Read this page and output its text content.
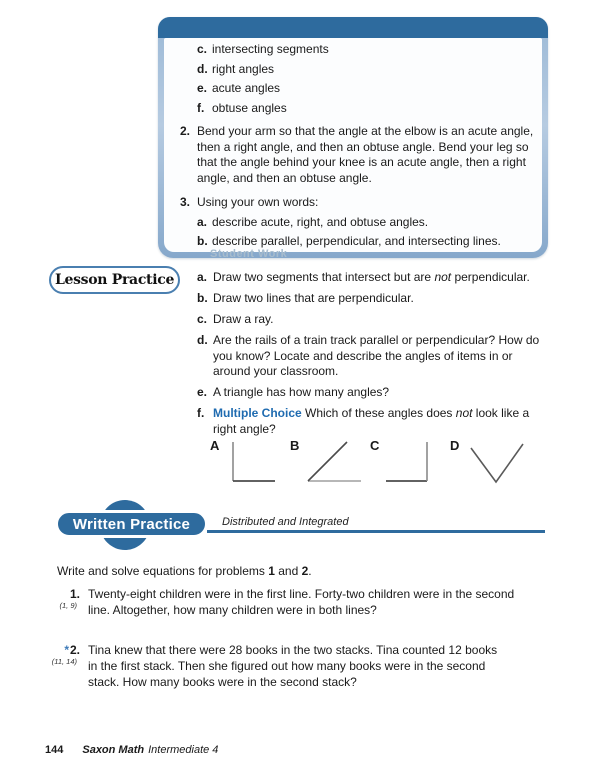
c. intersecting segments
d. right angles
e. acute angles
f. obtuse angles
2. Bend your arm so that the angle at the elbow is an acute angle, then a right angle, and then an obtuse angle. Bend your leg so that the angle behind your knee is an acute angle, then a right angle, and then an obtuse angle.
3. Using your own words:
a. describe acute, right, and obtuse angles.
b. describe parallel, perpendicular, and intersecting lines.
Student Work
Lesson Practice a. Draw two segments that intersect but are not perpendicular.
b. Draw two lines that are perpendicular.
c. Draw a ray.
d. Are the rails of a train track parallel or perpendicular? How do you know? Locate and describe the angles of items in or around your classroom.
e. A triangle has how many angles?
f. Multiple Choice Which of these angles does not look like a right angle?
A	B	C	D
Written Practice	Distributed and Integrated

Write and solve equations for problems 1 and 2.

1.
(1, 9)
Twenty-eight children were in the first line. Forty-two children were in the second line. Altogether, how many children were in both lines?
*2.
(11, 14)
Tina knew that there were 28 books in the two stacks. Tina counted 12 books in the first stack. Then she figured out how many books were in the second stack. How many books were in the second stack?
144 Saxon Math Intermediate 4
